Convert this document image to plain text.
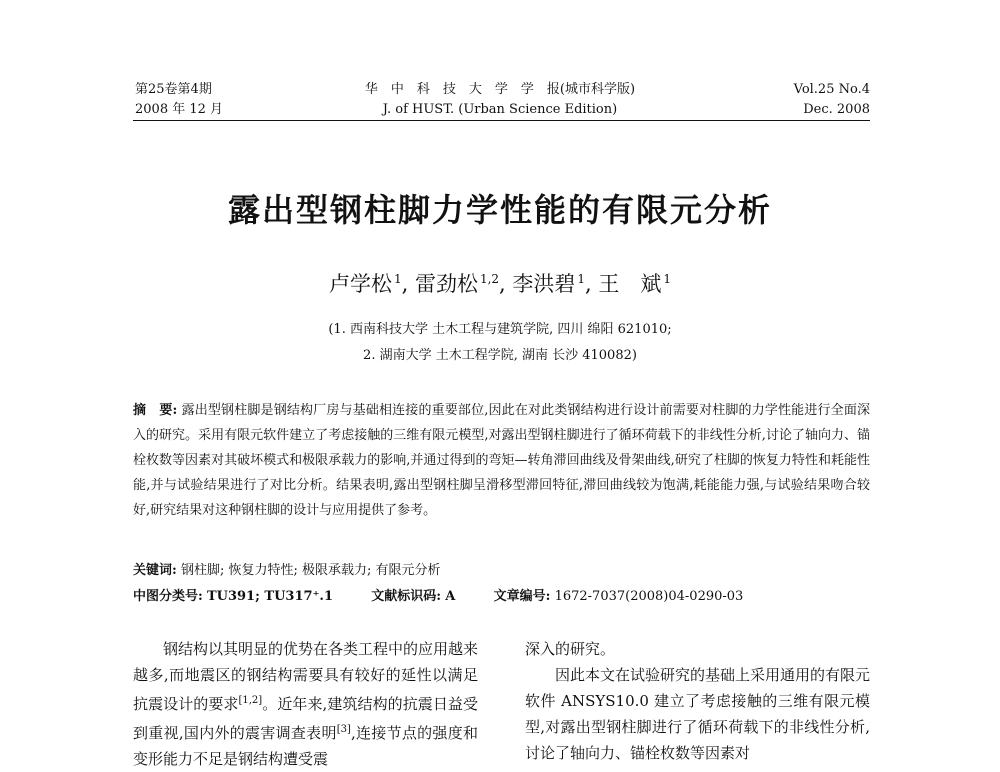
第25卷第4期
2008 年 12 月
华　中　科　技　大　学　学　报(城市科学版)
J. of HUST. (Urban Science Edition)
Vol.25 No.4
Dec. 2008
露出型钢柱脚力学性能的有限元分析
卢学松 $^1$, 雷劲松 $^{1,2}$, 李洪碧 $^1$, 王　斌 $^1$
(1. 西南科技大学 土木工程与建筑学院, 四川 绵阳 621010;
2. 湖南大学 土木工程学院, 湖南 长沙 410082)
摘　要: 露出型钢柱脚是钢结构厂房与基础相连接的重要部位,因此在对此类钢结构进行设计前需要对柱脚的力学性能进行全面深入的研究。采用有限元软件建立了考虑接触的三维有限元模型,对露出型钢柱脚进行了循环荷载下的非线性分析,讨论了轴向力、锚栓枚数等因素对其破坏模式和极限承载力的影响,并通过得到的弯矩—转角滞回曲线及骨架曲线,研究了柱脚的恢复力特性和耗能性能,并与试验结果进行了对比分析。结果表明,露出型钢柱脚呈滑移型滞回特征,滞回曲线较为饱满,耗能能力强,与试验结果吻合较好,研究结果对这种钢柱脚的设计与应用提供了参考。
关键词: 钢柱脚; 恢复力特性; 极限承载力; 有限元分析
中图分类号: TU391; TU317⁺.1	文献标识码: A	文章编号: 1672-7037(2008)04-0290-03

钢结构以其明显的优势在各类工程中的应用越来越多,而地震区的钢结构需要具有较好的延性以满足抗震设计的要求[1,2]。近年来,建筑结构的抗震日益受到重视,国内外的震害调查表明[3],连接节点的强度和变形能力不足是钢结构遭受震

深入的研究。

因此本文在试验研究的基础上采用通用的有限元软件 ANSYS10.0 建立了考虑接触的三维有限元模型,对露出型钢柱脚进行了循环荷载下的非线性分析,讨论了轴向力、锚栓枚数等因素对
